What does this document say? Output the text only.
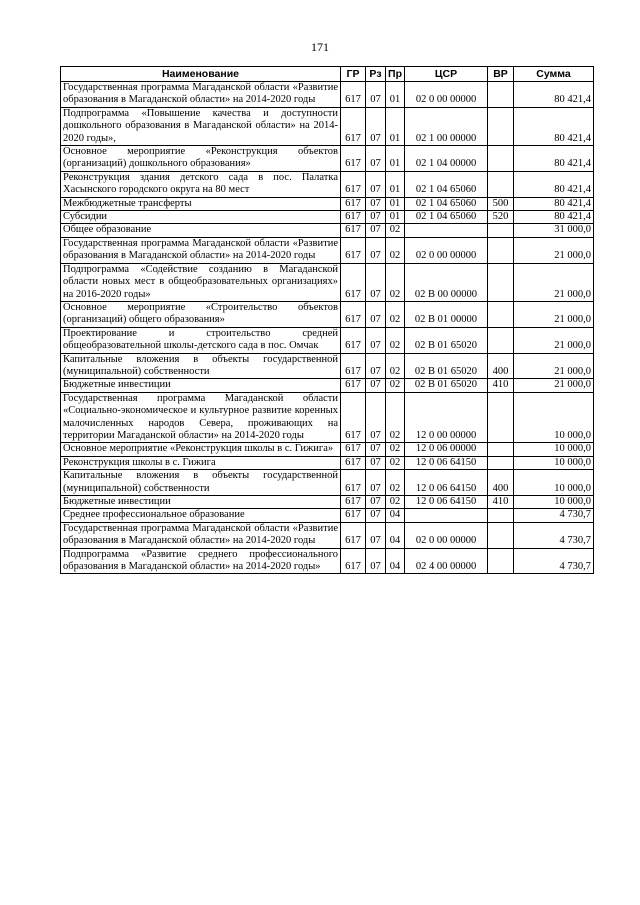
171
Наименование	ГР	Рз	Пр	ЦСР	ВР	Сумма
Государственная программа Магаданской области «Развитие образования в Магаданской области» на 2014-2020 годы	617	07	01	02 0 00 00000		80 421,4
Подпрограмма «Повышение качества и доступности дошкольного образования в Магаданской области» на 2014-2020 годы»,	617	07	01	02 1 00 00000		80 421,4
Основное мероприятие «Реконструкция объектов (организаций) дошкольного образования»	617	07	01	02 1 04 00000		80 421,4
Реконструкция здания детского сада в пос. Палатка Хасынского городского округа на 80 мест	617	07	01	02 1 04 65060		80 421,4
Межбюджетные трансферты	617	07	01	02 1 04 65060	500	80 421,4
Субсидии	617	07	01	02 1 04 65060	520	80 421,4
Общее образование	617	07	02			31 000,0
Государственная программа Магаданской области «Развитие образования в Магаданской области» на 2014-2020 годы	617	07	02	02 0 00 00000		21 000,0
Подпрограмма «Содействие созданию в Магаданской области новых мест в общеобразовательных организациях» на 2016-2020 годы»	617	07	02	02 В 00 00000		21 000,0
Основное мероприятие «Строительство объектов (организаций) общего образования»	617	07	02	02 В 01 00000		21 000,0
Проектирование и строительство средней общеобразовательной школы-детского сада в пос. Омчак	617	07	02	02 В 01 65020		21 000,0
Капитальные вложения в объекты государственной (муниципальной) собственности	617	07	02	02 В 01 65020	400	21 000,0
Бюджетные инвестиции	617	07	02	02 В 01 65020	410	21 000,0
Государственная программа Магаданской области «Социально-экономическое и культурное развитие коренных малочисленных народов Севера, проживающих на территории Магаданской области» на 2014-2020 годы	617	07	02	12 0 00 00000		10 000,0
Основное мероприятие «Реконструкция школы в с. Гижига»	617	07	02	12 0 06 00000		10 000,0
Реконструкция школы в с. Гижига	617	07	02	12 0 06 64150		10 000,0
Капитальные вложения в объекты государственной (муниципальной) собственности	617	07	02	12 0 06 64150	400	10 000,0
Бюджетные инвестиции	617	07	02	12 0 06 64150	410	10 000,0
Среднее профессиональное образование	617	07	04			4 730,7
Государственная программа Магаданской области «Развитие образования в Магаданской области» на 2014-2020 годы	617	07	04	02 0 00 00000		4 730,7
Подпрограмма «Развитие среднего профессионального образования в Магаданской области» на 2014-2020 годы»	617	07	04	02 4 00 00000		4 730,7
